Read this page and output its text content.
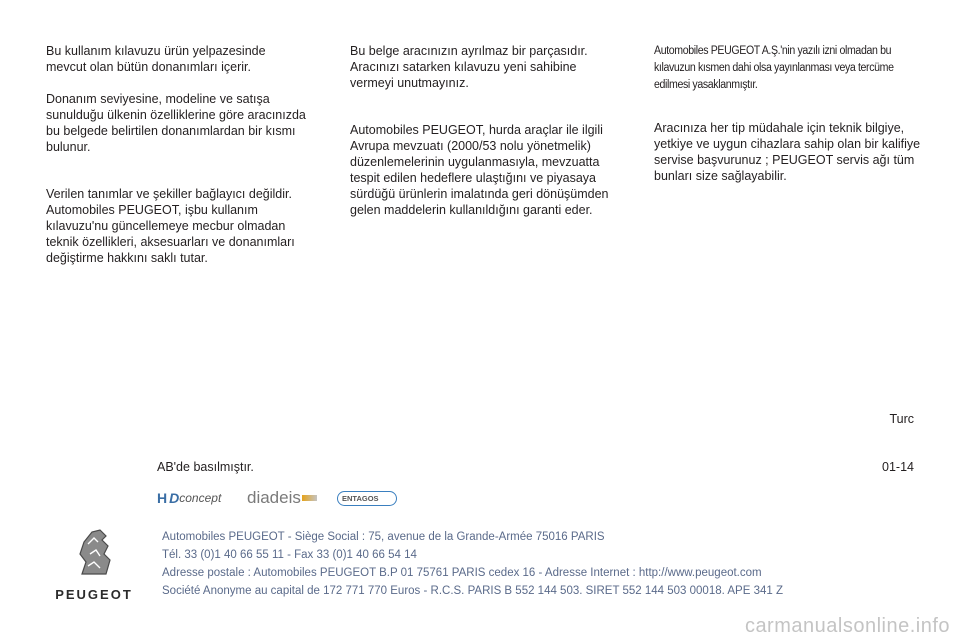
Bu kullanım kılavuzu ürün yelpazesinde mevcut olan bütün donanımları içerir.

Donanım seviyesine, modeline ve satışa sunulduğu ülkenin özelliklerine göre aracınızda bu belgede belirtilen donanımlardan bir kısmı bulunur.

Verilen tanımlar ve şekiller bağlayıcı değildir. Automobiles PEUGEOT, işbu kullanım kılavuzu'nu güncellemeye mecbur olmadan teknik özellikleri, aksesuarları ve donanımları değiştirme hakkını saklı tutar.

Bu belge aracınızın ayrılmaz bir parçasıdır. Aracınızı satarken kılavuzu yeni sahibine vermeyi unutmayınız.

Automobiles PEUGEOT, hurda araçlar ile ilgili Avrupa mevzuatı (2000/53 nolu yönetmelik) düzenlemelerinin uygulanmasıyla, mevzuatta tespit edilen hedeflere ulaştığını ve piyasaya sürdüğü ürünlerin imalatında geri dönüşümden gelen maddelerin kullanıldığını garanti eder.

Automobiles PEUGEOT A.Ş.'nin yazılı izni olmadan bu kılavuzun kısmen dahi olsa yayınlanması veya tercüme edilmesi yasaklanmıştır.

Aracınıza her tip müdahale için teknik bilgiye, yetkiye ve uygun cihazlara sahip olan bir kalifiye servise başvurunuz ; PEUGEOT servis ağı tüm bunları size sağlayabilir.

Turc
01-14
AB'de basılmıştır.
H D concept diadeis	ENTAGOS
PEUGEOT
Automobiles PEUGEOT - Siège Social : 75, avenue de la Grande-Armée 75016 PARIS
Tél. 33 (0)1 40 66 55 11 - Fax 33 (0)1 40 66 54 14
Adresse postale : Automobiles PEUGEOT B.P 01 75761 PARIS cedex 16 - Adresse Internet : http://www.peugeot.com
Société Anonyme au capital de 172 771 770 Euros - R.C.S. PARIS B 552 144 503. SIRET 552 144 503 00018. APE 341 Z
carmanualsonline.info
